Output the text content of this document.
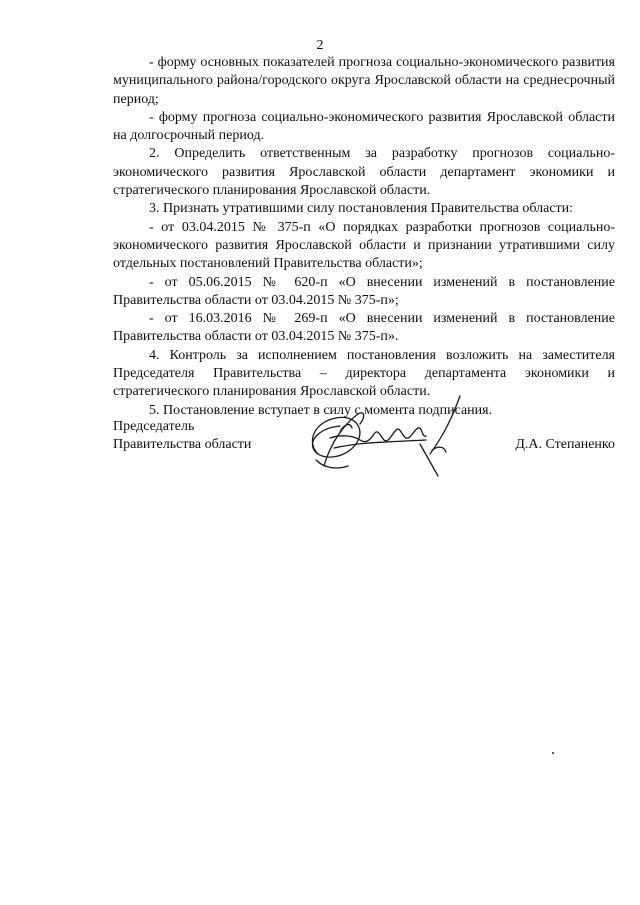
2

- форму основных показателей прогноза социально-экономического развития муниципального района/городского округа Ярославской области на среднесрочный период;

- форму прогноза социально-экономического развития Ярославской области на долгосрочный период.

2. Определить ответственным за разработку прогнозов социально-экономического развития Ярославской области департамент экономики и стратегического планирования Ярославской области.

3. Признать утратившими силу постановления Правительства области:

- от 03.04.2015 № 375-п «О порядках разработки прогнозов социально-экономического развития Ярославской области и признании утратившими силу отдельных постановлений Правительства области»;

- от 05.06.2015 № 620-п «О внесении изменений в постановление Правительства области от 03.04.2015 № 375-п»;

- от 16.03.2016 № 269-п «О внесении изменений в постановление Правительства области от 03.04.2015 № 375-п».

4. Контроль за исполнением постановления возложить на заместителя Председателя Правительства – директора департамента экономики и стратегического планирования Ярославской области.

5. Постановление вступает в силу с момента подписания.

Председатель
Правительства области	Д.А. Степаненко
